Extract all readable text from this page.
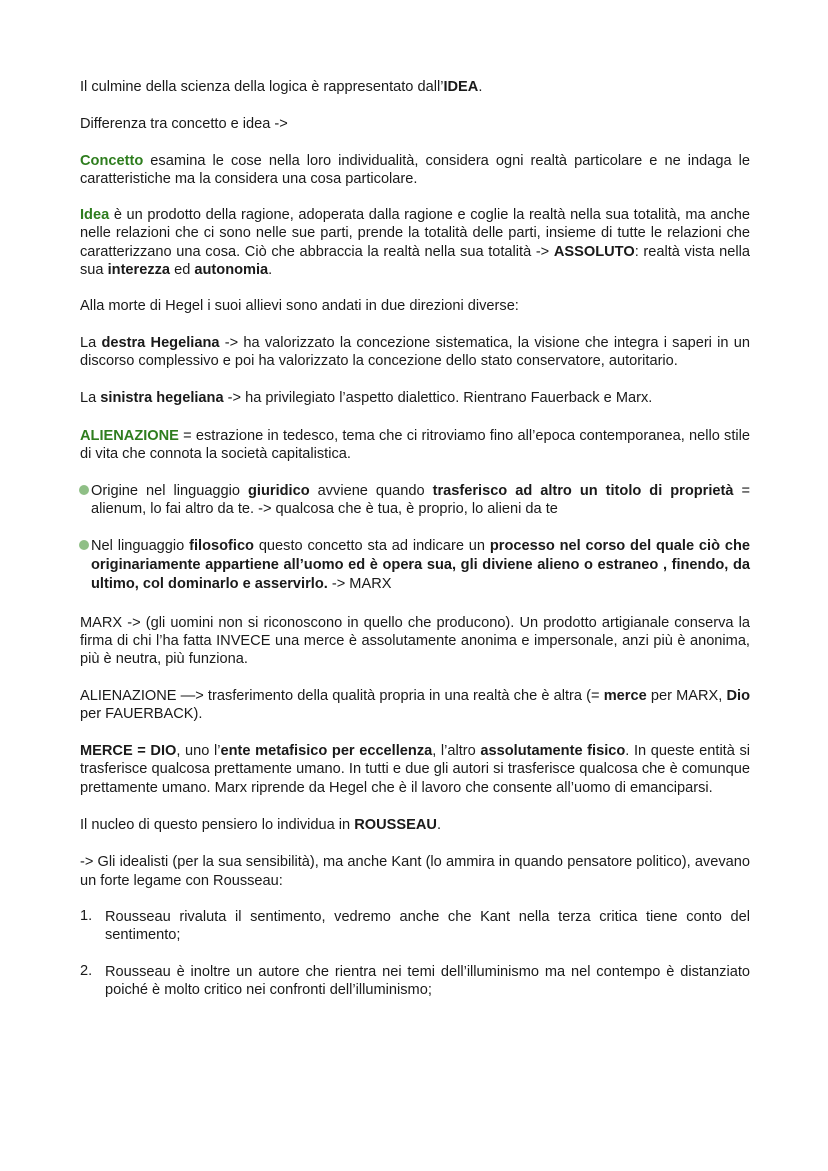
Il culmine della scienza della logica è rappresentato dall’IDEA.

Differenza tra concetto e idea ->

Concetto esamina le cose nella loro individualità, considera ogni realtà particolare e ne indaga le caratteristiche ma la considera una cosa particolare.

Idea è un prodotto della ragione, adoperata dalla ragione e coglie la realtà nella sua totalità, ma anche nelle relazioni che ci sono nelle sue parti, prende la totalità delle parti, insieme di tutte le relazioni che caratterizzano una cosa. Ciò che abbraccia la realtà nella sua totalità -> ASSOLUTO: realtà vista nella sua interezza ed autonomia.

Alla morte di Hegel i suoi allievi sono andati in due direzioni diverse:

La destra Hegeliana -> ha valorizzato la concezione sistematica, la visione che integra i saperi in un discorso complessivo e poi ha valorizzato la concezione dello stato conservatore, autoritario.

La sinistra hegeliana -> ha privilegiato l’aspetto dialettico. Rientrano Fauerback e Marx.

ALIENAZIONE = estrazione in tedesco, tema che ci ritroviamo fino all’epoca contemporanea, nello stile di vita che connota la società capitalistica.

Origine nel linguaggio giuridico avviene quando trasferisco ad altro un titolo di proprietà = alienum, lo fai altro da te. -> qualcosa che è tua, è proprio, lo alieni da te

Nel linguaggio filosofico questo concetto sta ad indicare un processo nel corso del quale ciò che originariamente appartiene all’uomo ed è opera sua, gli diviene alieno o estraneo , finendo, da ultimo, col dominarlo e asservirlo. -> MARX

MARX -> (gli uomini non si riconoscono in quello che producono). Un prodotto artigianale conserva la firma di chi l’ha fatta INVECE una merce è assolutamente anonima e impersonale, anzi più è anonima, più è neutra, più funziona.

ALIENAZIONE —> trasferimento della qualità propria in una realtà che è altra (= merce per MARX, Dio per FAUERBACK).

MERCE = DIO, uno l’ente metafisico per eccellenza, l’altro assolutamente fisico. In queste entità si trasferisce qualcosa prettamente umano. In tutti e due gli autori si trasferisce qualcosa che è comunque prettamente umano. Marx riprende da Hegel che è il lavoro che consente all’uomo di emanciparsi.

Il nucleo di questo pensiero lo individua in ROUSSEAU.

-> Gli idealisti (per la sua sensibilità), ma anche Kant (lo ammira in quando pensatore politico), avevano un forte legame con Rousseau:

1. Rousseau rivaluta il sentimento, vedremo anche che Kant nella terza critica tiene conto del sentimento;

2. Rousseau è inoltre un autore che rientra nei temi dell’illuminismo ma nel contempo è distanziato poiché è molto critico nei confronti dell’illuminismo;
